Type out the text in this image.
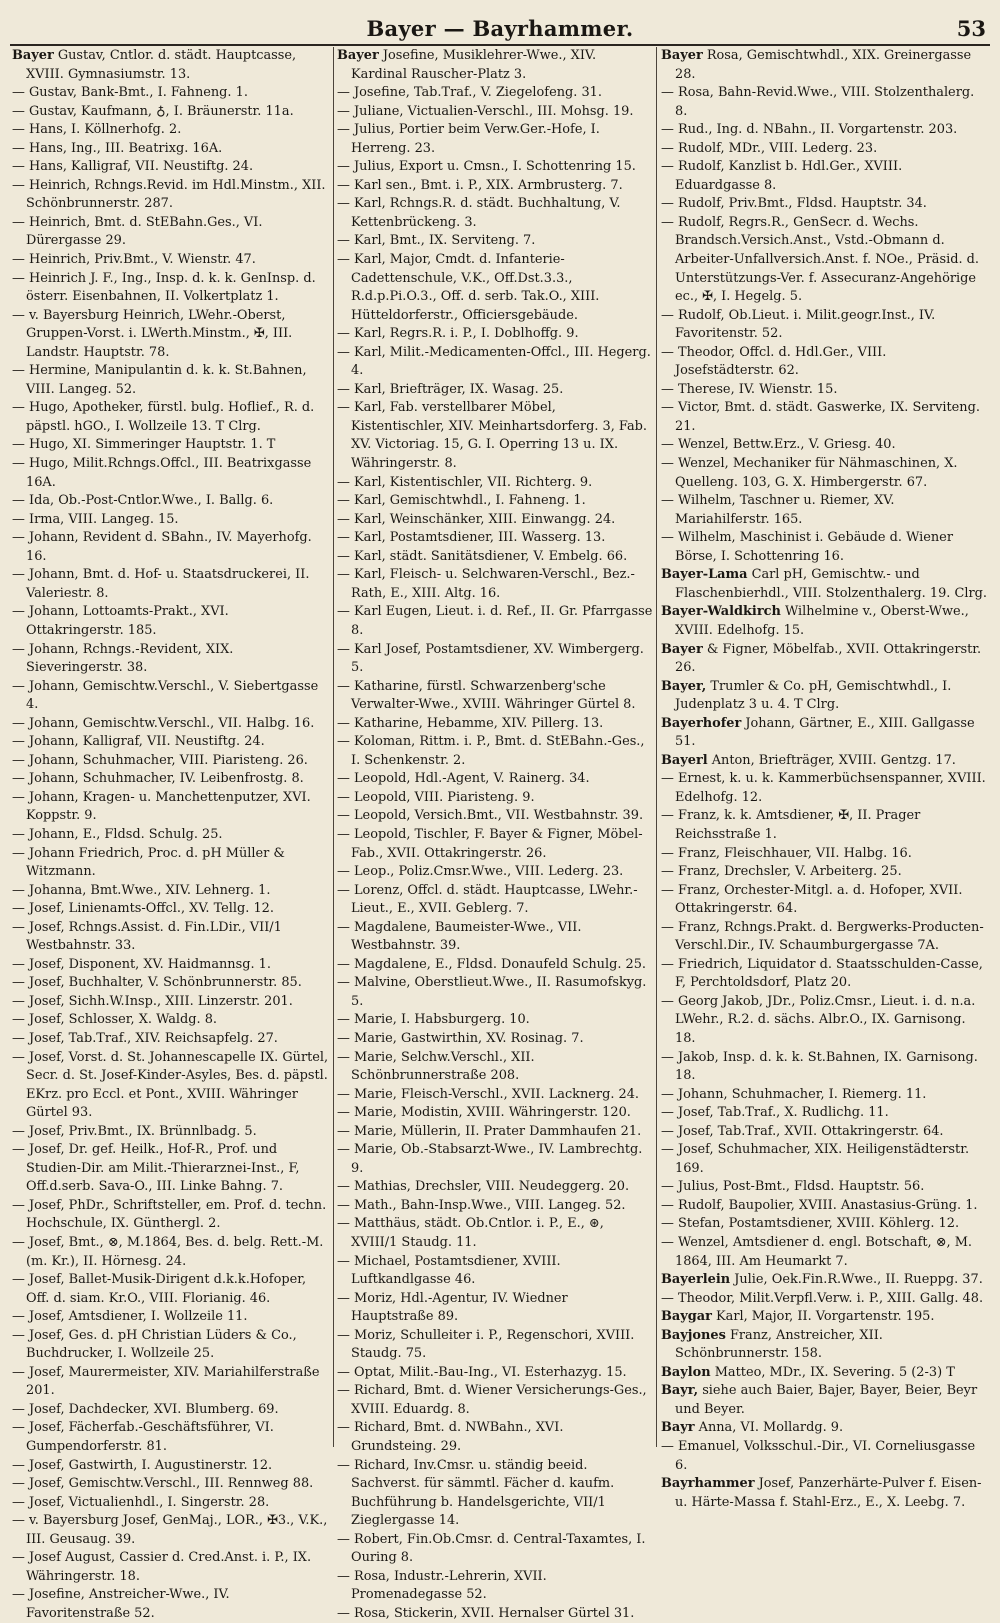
Bayer — Bayrhammer.	53
Bayer Gustav, Cntlor. d. städt. Hauptcasse, XVIII. Gymnasiumstr. 13.
— Gustav, Bank-Bmt., I. Fahneng. 1.
— Gustav, Kaufmann, ♁, I. Bräunerstr. 11a.
— Hans, I. Köllnerhofg. 2.
— Hans, Ing., III. Beatrixg. 16A.
— Hans, Kalligraf, VII. Neustiftg. 24.
— Heinrich, Rchngs.Revid. im Hdl.Minstm., XII. Schönbrunnerstr. 287.
— Heinrich, Bmt. d. StEBahn.Ges., VI. Dürergasse 29.
— Heinrich, Priv.Bmt., V. Wienstr. 47.
— Heinrich J. F., Ing., Insp. d. k. k. GenInsp. d. österr. Eisenbahnen, II. Volkertplatz 1.
— v. Bayersburg Heinrich, LWehr.-Oberst, Gruppen-Vorst. i. LWerth.Minstm., ✠, III. Landstr. Hauptstr. 78.
— Hermine, Manipulantin d. k. k. St.Bahnen, VIII. Langeg. 52.
— Hugo, Apotheker, fürstl. bulg. Hoflief., R. d. päpstl. hGO., I. Wollzeile 13. T Clrg.
— Hugo, XI. Simmeringer Hauptstr. 1. T
— Hugo, Milit.Rchngs.Offcl., III. Beatrixgasse 16A.
— Ida, Ob.-Post-Cntlor.Wwe., I. Ballg. 6.
— Irma, VIII. Langeg. 15.
— Johann, Revident d. SBahn., IV. Mayerhofg. 16.
— Johann, Bmt. d. Hof- u. Staatsdruckerei, II. Valeriestr. 8.
— Johann, Lottoamts-Prakt., XVI. Ottakringerstr. 185.
— Johann, Rchngs.-Revident, XIX. Sieveringerstr. 38.
— Johann, Gemischtw.Verschl., V. Siebertgasse 4.
— Johann, Gemischtw.Verschl., VII. Halbg. 16.
— Johann, Kalligraf, VII. Neustiftg. 24.
— Johann, Schuhmacher, VIII. Piaristeng. 26.
— Johann, Schuhmacher, IV. Leibenfrostg. 8.
— Johann, Kragen- u. Manchettenputzer, XVI. Koppstr. 9.
— Johann, E., Fldsd. Schulg. 25.
— Johann Friedrich, Proc. d. pH Müller & Witzmann.
— Johanna, Bmt.Wwe., XIV. Lehnerg. 1.
— Josef, Linienamts-Offcl., XV. Tellg. 12.
— Josef, Rchngs.Assist. d. Fin.LDir., VII/1 Westbahnstr. 33.
— Josef, Disponent, XV. Haidmannsg. 1.
— Josef, Buchhalter, V. Schönbrunnerstr. 85.
— Josef, Sichh.W.Insp., XIII. Linzerstr. 201.
— Josef, Schlosser, X. Waldg. 8.
— Josef, Tab.Traf., XIV. Reichsapfelg. 27.
— Josef, Vorst. d. St. Johannescapelle IX. Gürtel, Secr. d. St. Josef-Kinder-Asyles, Bes. d. päpstl. EKrz. pro Eccl. et Pont., XVIII. Währinger Gürtel 93.
— Josef, Priv.Bmt., IX. Brünnlbadg. 5.
— Josef, Dr. gef. Heilk., Hof-R., Prof. und Studien-Dir. am Milit.-Thierarznei-Inst., F, Off.d.serb. Sava-O., III. Linke Bahng. 7.
— Josef, PhDr., Schriftsteller, em. Prof. d. techn. Hochschule, IX. Günthergl. 2.
— Josef, Bmt., ⊗, M.1864, Bes. d. belg. Rett.-M. (m. Kr.), II. Hörnesg. 24.
— Josef, Ballet-Musik-Dirigent d.k.k.Hofoper, Off. d. siam. Kr.O., VIII. Florianig. 46.
— Josef, Amtsdiener, I. Wollzeile 11.
— Josef, Ges. d. pH Christian Lüders & Co., Buchdrucker, I. Wollzeile 25.
— Josef, Maurermeister, XIV. Mariahilferstraße 201.
— Josef, Dachdecker, XVI. Blumberg. 69.
— Josef, Fächerfab.-Geschäftsführer, VI. Gumpendorferstr. 81.
— Josef, Gastwirth, I. Augustinerstr. 12.
— Josef, Gemischtw.Verschl., III. Rennweg 88.
— Josef, Victualienhdl., I. Singerstr. 28.
— v. Bayersburg Josef, GenMaj., LOR., ✠3., V.K., III. Geusaug. 39.
— Josef August, Cassier d. Cred.Anst. i. P., IX. Währingerstr. 18.
— Josefine, Anstreicher-Wwe., IV. Favoritenstraße 52.
Bayer Josefine, Musiklehrer-Wwe., XIV. Kardinal Rauscher-Platz 3.
— Josefine, Tab.Traf., V. Ziegelofeng. 31.
— Juliane, Victualien-Verschl., III. Mohsg. 19.
— Julius, Portier beim Verw.Ger.-Hofe, I. Herreng. 23.
— Julius, Export u. Cmsn., I. Schottenring 15.
— Karl sen., Bmt. i. P., XIX. Armbrusterg. 7.
— Karl, Rchngs.R. d. städt. Buchhaltung, V. Kettenbrückeng. 3.
— Karl, Bmt., IX. Serviteng. 7.
— Karl, Major, Cmdt. d. Infanterie-Cadettenschule, V.K., Off.Dst.3.3., R.d.p.Pi.O.3., Off. d. serb. Tak.O., XIII. Hütteldorferstr., Officiersgebäude.
— Karl, Regrs.R. i. P., I. Doblhoffg. 9.
— Karl, Milit.-Medicamenten-Offcl., III. Hegerg. 4.
— Karl, Briefträger, IX. Wasag. 25.
— Karl, Fab. verstellbarer Möbel, Kistentischler, XIV. Meinhartsdorferg. 3, Fab. XV. Victoriag. 15, G. I. Operring 13 u. IX. Währingerstr. 8.
— Karl, Kistentischler, VII. Richterg. 9.
— Karl, Gemischtwhdl., I. Fahneng. 1.
— Karl, Weinschänker, XIII. Einwangg. 24.
— Karl, Postamtsdiener, III. Wasserg. 13.
— Karl, städt. Sanitätsdiener, V. Embelg. 66.
— Karl, Fleisch- u. Selchwaren-Verschl., Bez.-Rath, E., XIII. Altg. 16.
— Karl Eugen, Lieut. i. d. Ref., II. Gr. Pfarrgasse 8.
— Karl Josef, Postamtsdiener, XV. Wimbergerg. 5.
— Katharine, fürstl. Schwarzenberg'sche Verwalter-Wwe., XVIII. Währinger Gürtel 8.
— Katharine, Hebamme, XIV. Pillerg. 13.
— Koloman, Rittm. i. P., Bmt. d. StEBahn.-Ges., I. Schenkenstr. 2.
— Leopold, Hdl.-Agent, V. Rainerg. 34.
— Leopold, VIII. Piaristeng. 9.
— Leopold, Versich.Bmt., VII. Westbahnstr. 39.
— Leopold, Tischler, F. Bayer & Figner, Möbel-Fab., XVII. Ottakringerstr. 26.
— Leop., Poliz.Cmsr.Wwe., VIII. Lederg. 23.
— Lorenz, Offcl. d. städt. Hauptcasse, LWehr.-Lieut., E., XVII. Geblerg. 7.
— Magdalene, Baumeister-Wwe., VII. Westbahnstr. 39.
— Magdalene, E., Fldsd. Donaufeld Schulg. 25.
— Malvine, Oberstlieut.Wwe., II. Rasumofskyg. 5.
— Marie, I. Habsburgerg. 10.
— Marie, Gastwirthin, XV. Rosinag. 7.
— Marie, Selchw.Verschl., XII. Schönbrunnerstraße 208.
— Marie, Fleisch-Verschl., XVII. Lacknerg. 24.
— Marie, Modistin, XVIII. Währingerstr. 120.
— Marie, Müllerin, II. Prater Dammhaufen 21.
— Marie, Ob.-Stabsarzt-Wwe., IV. Lambrechtg. 9.
— Mathias, Drechsler, VIII. Neudeggerg. 20.
— Math., Bahn-Insp.Wwe., VIII. Langeg. 52.
— Matthäus, städt. Ob.Cntlor. i. P., E., ⊛, XVIII/1 Staudg. 11.
— Michael, Postamtsdiener, XVIII. Luftkandlgasse 46.
— Moriz, Hdl.-Agentur, IV. Wiedner Hauptstraße 89.
— Moriz, Schulleiter i. P., Regenschori, XVIII. Staudg. 75.
— Optat, Milit.-Bau-Ing., VI. Esterhazyg. 15.
— Richard, Bmt. d. Wiener Versicherungs-Ges., XVIII. Eduardg. 8.
— Richard, Bmt. d. NWBahn., XVI. Grundsteing. 29.
— Richard, Inv.Cmsr. u. ständig beeid. Sachverst. für sämmtl. Fächer d. kaufm. Buchführung b. Handelsgerichte, VII/1 Zieglergasse 14.
— Robert, Fin.Ob.Cmsr. d. Central-Taxamtes, I. Ouring 8.
— Rosa, Industr.-Lehrerin, XVII. Promenadegasse 52.
— Rosa, Stickerin, XVII. Hernalser Gürtel 31.
Bayer Rosa, Gemischtwhdl., XIX. Greinergasse 28.
— Rosa, Bahn-Revid.Wwe., VIII. Stolzenthalerg. 8.
— Rud., Ing. d. NBahn., II. Vorgartenstr. 203.
— Rudolf, MDr., VIII. Lederg. 23.
— Rudolf, Kanzlist b. Hdl.Ger., XVIII. Eduardgasse 8.
— Rudolf, Priv.Bmt., Fldsd. Hauptstr. 34.
— Rudolf, Regrs.R., GenSecr. d. Wechs. Brandsch.Versich.Anst., Vstd.-Obmann d. Arbeiter-Unfallversich.Anst. f. NOe., Präsid. d. Unterstützungs-Ver. f. Assecuranz-Angehörige ec., ✠, I. Hegelg. 5.
— Rudolf, Ob.Lieut. i. Milit.geogr.Inst., IV. Favoritenstr. 52.
— Theodor, Offcl. d. Hdl.Ger., VIII. Josefstädterstr. 62.
— Therese, IV. Wienstr. 15.
— Victor, Bmt. d. städt. Gaswerke, IX. Serviteng. 21.
— Wenzel, Bettw.Erz., V. Griesg. 40.
— Wenzel, Mechaniker für Nähmaschinen, X. Quelleng. 103, G. X. Himbergerstr. 67.
— Wilhelm, Taschner u. Riemer, XV. Mariahilferstr. 165.
— Wilhelm, Maschinist i. Gebäude d. Wiener Börse, I. Schottenring 16.
Bayer-Lama Carl pH, Gemischtw.- und Flaschenbierhdl., VIII. Stolzenthalerg. 19. Clrg.
Bayer-Waldkirch Wilhelmine v., Oberst-Wwe., XVIII. Edelhofg. 15.
Bayer & Figner, Möbelfab., XVII. Ottakringerstr. 26.
Bayer, Trumler & Co. pH, Gemischtwhdl., I. Judenplatz 3 u. 4. T Clrg.
Bayerhofer Johann, Gärtner, E., XIII. Gallgasse 51.
Bayerl Anton, Briefträger, XVIII. Gentzg. 17.
— Ernest, k. u. k. Kammerbüchsenspanner, XVIII. Edelhofg. 12.
— Franz, k. k. Amtsdiener, ✠, II. Prager Reichsstraße 1.
— Franz, Fleischhauer, VII. Halbg. 16.
— Franz, Drechsler, V. Arbeiterg. 25.
— Franz, Orchester-Mitgl. a. d. Hofoper, XVII. Ottakringerstr. 64.
— Franz, Rchngs.Prakt. d. Bergwerks-Producten-Verschl.Dir., IV. Schaumburgergasse 7A.
— Friedrich, Liquidator d. Staatsschulden-Casse, F, Perchtoldsdorf, Platz 20.
— Georg Jakob, JDr., Poliz.Cmsr., Lieut. i. d. n.a. LWehr., R.2. d. sächs. Albr.O., IX. Garnisong. 18.
— Jakob, Insp. d. k. k. St.Bahnen, IX. Garnisong. 18.
— Johann, Schuhmacher, I. Riemerg. 11.
— Josef, Tab.Traf., X. Rudlichg. 11.
— Josef, Tab.Traf., XVII. Ottakringerstr. 64.
— Josef, Schuhmacher, XIX. Heiligenstädterstr. 169.
— Julius, Post-Bmt., Fldsd. Hauptstr. 56.
— Rudolf, Baupolier, XVIII. Anastasius-Grüng. 1.
— Stefan, Postamtsdiener, XVIII. Köhlerg. 12.
— Wenzel, Amtsdiener d. engl. Botschaft, ⊗, M. 1864, III. Am Heumarkt 7.
Bayerlein Julie, Oek.Fin.R.Wwe., II. Rueppg. 37.
— Theodor, Milit.Verpfl.Verw. i. P., XIII. Gallg. 48.
Baygar Karl, Major, II. Vorgartenstr. 195.
Bayjones Franz, Anstreicher, XII. Schönbrunnerstr. 158.
Baylon Matteo, MDr., IX. Severing. 5 (2-3) T
Bayr, siehe auch Baier, Bajer, Bayer, Beier, Beyr und Beyer.
Bayr Anna, VI. Mollardg. 9.
— Emanuel, Volksschul.-Dir., VI. Corneliusgasse 6.
Bayrhammer Josef, Panzerhärte-Pulver f. Eisen- u. Härte-Massa f. Stahl-Erz., E., X. Leebg. 7.
